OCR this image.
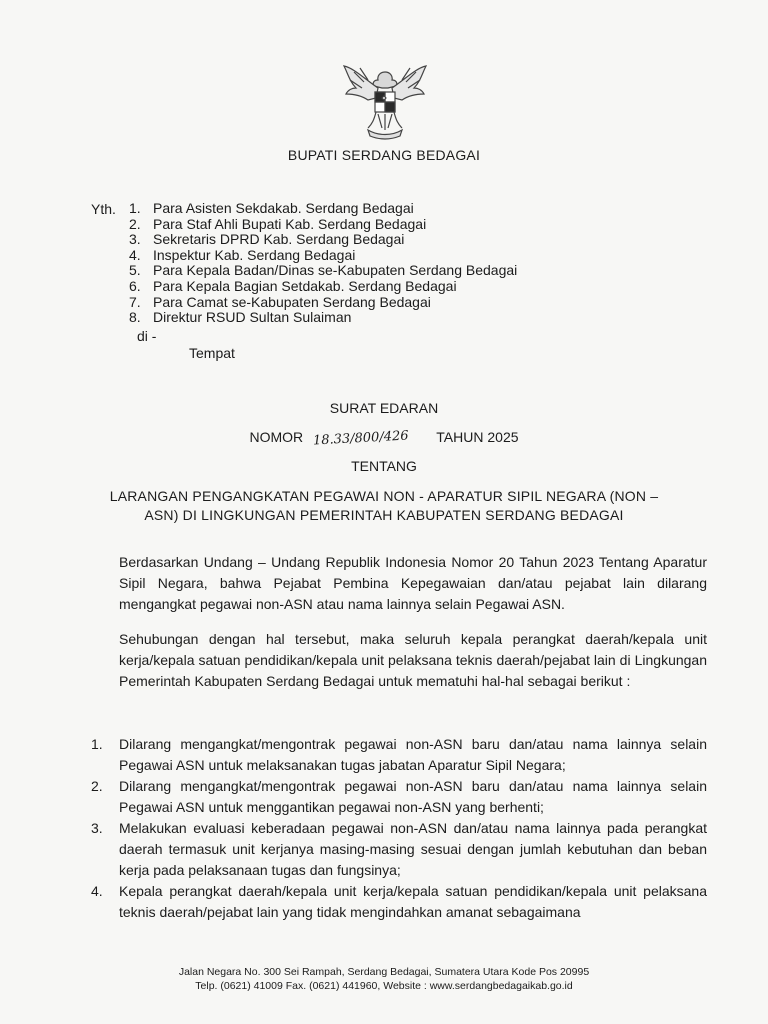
BUPATI SERDANG BEDAGAI
Yth. 1. Para Asisten Sekdakab. Serdang Bedagai
2. Para Staf Ahli Bupati Kab. Serdang Bedagai
3. Sekretaris DPRD Kab. Serdang Bedagai
4. Inspektur Kab. Serdang Bedagai
5. Para Kepala Badan/Dinas se-Kabupaten Serdang Bedagai
6. Para Kepala Bagian Setdakab. Serdang Bedagai
7. Para Camat se-Kabupaten Serdang Bedagai
8. Direktur RSUD Sultan Sulaiman
di -
Tempat
SURAT EDARAN
NOMOR 18.33/800/426 TAHUN 2025
TENTANG
LARANGAN PENGANGKATAN PEGAWAI NON - APARATUR SIPIL NEGARA (NON –
ASN) DI LINGKUNGAN PEMERINTAH KABUPATEN SERDANG BEDAGAI

Berdasarkan Undang – Undang Republik Indonesia Nomor 20 Tahun 2023 Tentang Aparatur Sipil Negara, bahwa Pejabat Pembina Kepegawaian dan/atau pejabat lain dilarang mengangkat pegawai non-ASN atau nama lainnya selain Pegawai ASN.

Sehubungan dengan hal tersebut, maka seluruh kepala perangkat daerah/kepala unit kerja/kepala satuan pendidikan/kepala unit pelaksana teknis daerah/pejabat lain di Lingkungan Pemerintah Kabupaten Serdang Bedagai untuk mematuhi hal-hal sebagai berikut :

1.	Dilarang mengangkat/mengontrak pegawai non-ASN baru dan/atau nama lainnya selain Pegawai ASN untuk melaksanakan tugas jabatan Aparatur Sipil Negara;
2.	Dilarang mengangkat/mengontrak pegawai non-ASN baru dan/atau nama lainnya selain Pegawai ASN untuk menggantikan pegawai non-ASN yang berhenti;
3.	Melakukan evaluasi keberadaan pegawai non-ASN dan/atau nama lainnya pada perangkat daerah termasuk unit kerjanya masing-masing sesuai dengan jumlah kebutuhan dan beban kerja pada pelaksanaan tugas dan fungsinya;
4.	Kepala perangkat daerah/kepala unit kerja/kepala satuan pendidikan/kepala unit pelaksana teknis daerah/pejabat lain yang tidak mengindahkan amanat sebagaimana
Jalan Negara No. 300 Sei Rampah, Serdang Bedagai, Sumatera Utara Kode Pos 20995
Telp. (0621) 41009 Fax. (0621) 441960, Website : www.serdangbedagaikab.go.id
